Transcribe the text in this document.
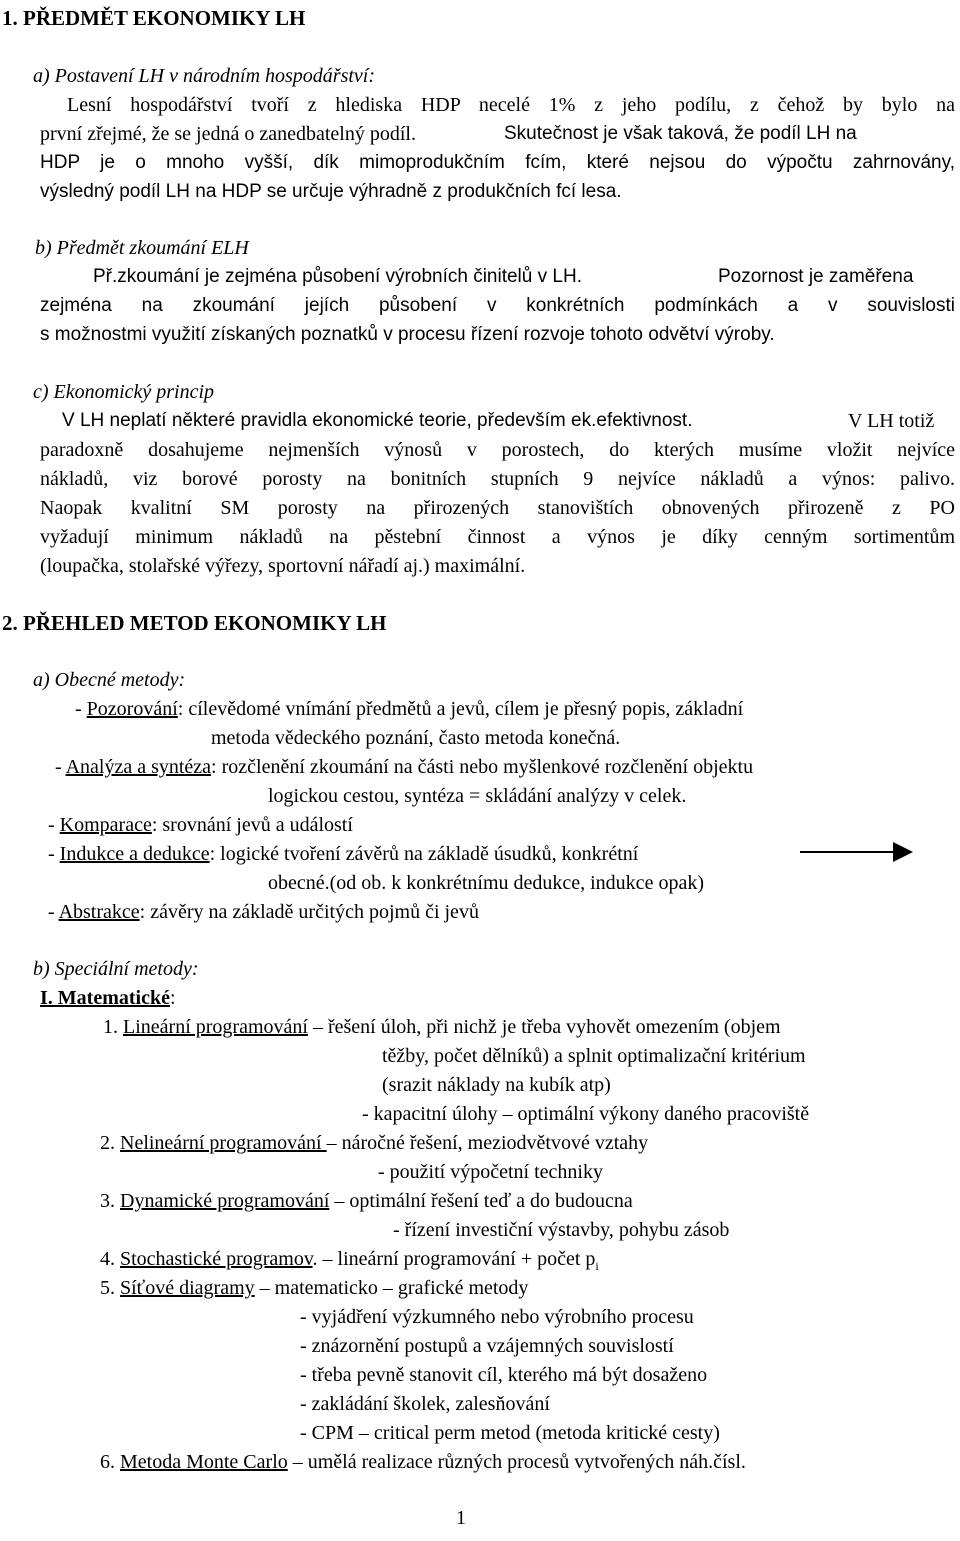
1. PŘEDMĚT EKONOMIKY LH
a) Postavení LH v národním hospodářství:
Lesní hospodářství tvoří z hlediska HDP necelé 1% z jeho podílu, z čehož by bylo na
první zřejmé, že se jedná o zanedbatelný podíl.	Skutečnost je však taková, že podíl LH na
HDP je o mnoho vyšší, dík mimoprodukčním fcím, které nejsou do výpočtu zahrnovány,
výsledný podíl LH na HDP se určuje výhradně z produkčních fcí lesa.
b) Předmět zkoumání ELH
Př.zkoumání je zejména působení výrobních činitelů v LH.	Pozornost je zaměřena
zejména na zkoumání jejích působení v konkrétních podmínkách a v souvislosti
s možnostmi využití získaných poznatků v procesu řízení rozvoje tohoto odvětví výroby.
c) Ekonomický princip
V LH neplatí některé pravidla ekonomické teorie, především ek.efektivnost.	V LH totiž
paradoxně dosahujeme nejmenších výnosů v porostech, do kterých musíme vložit nejvíce
nákladů, viz borové porosty na bonitních stupních 9 nejvíce nákladů a výnos: palivo.
Naopak kvalitní SM porosty na přirozených stanovištích obnovených přirozeně z PO
vyžadují minimum nákladů na pěstební činnost a výnos je díky cenným sortimentům
(loupačka, stolařské výřezy, sportovní nářadí aj.) maximální.
2. PŘEHLED METOD EKONOMIKY LH
a) Obecné metody:
- Pozorování: cílevědomé vnímání předmětů a jevů, cílem je přesný popis, základní
metoda vědeckého poznání, často metoda konečná.
- Analýza a syntéza: rozčlenění zkoumání na části nebo myšlenkové rozčlenění objektu
logickou cestou, syntéza = skládání analýzy v celek.
- Komparace: srovnání jevů a událostí
- Indukce a dedukce: logické tvoření závěrů na základě úsudků, konkrétní
obecné.(od ob. k konkrétnímu dedukce, indukce opak)
- Abstrakce: závěry na základě určitých pojmů či jevů
b) Speciální metody:
I. Matematické:
1. Lineární programování – řešení úloh, při nichž je třeba vyhovět omezením (objem
těžby, počet dělníků) a splnit optimalizační kritérium
(srazit náklady na kubík atp)
- kapacitní úlohy – optimální výkony daného pracoviště
2. Nelineární programování – náročné řešení, meziodvětvové vztahy
- použití výpočetní techniky
3. Dynamické programování – optimální řešení teď a do budoucna
- řízení investiční výstavby, pohybu zásob
4. Stochastické programov. – lineární programování + počet $p_i$
5. Síťové diagramy – matematicko – grafické metody
- vyjádření výzkumného nebo výrobního procesu
- znázornění postupů a vzájemných souvislostí
- třeba pevně stanovit cíl, kterého má být dosaženo
- zakládání školek, zalesňování
- CPM – critical perm metod (metoda kritické cesty)
6. Metoda Monte Carlo – umělá realizace různých procesů vytvořených náh.čísl.
1
